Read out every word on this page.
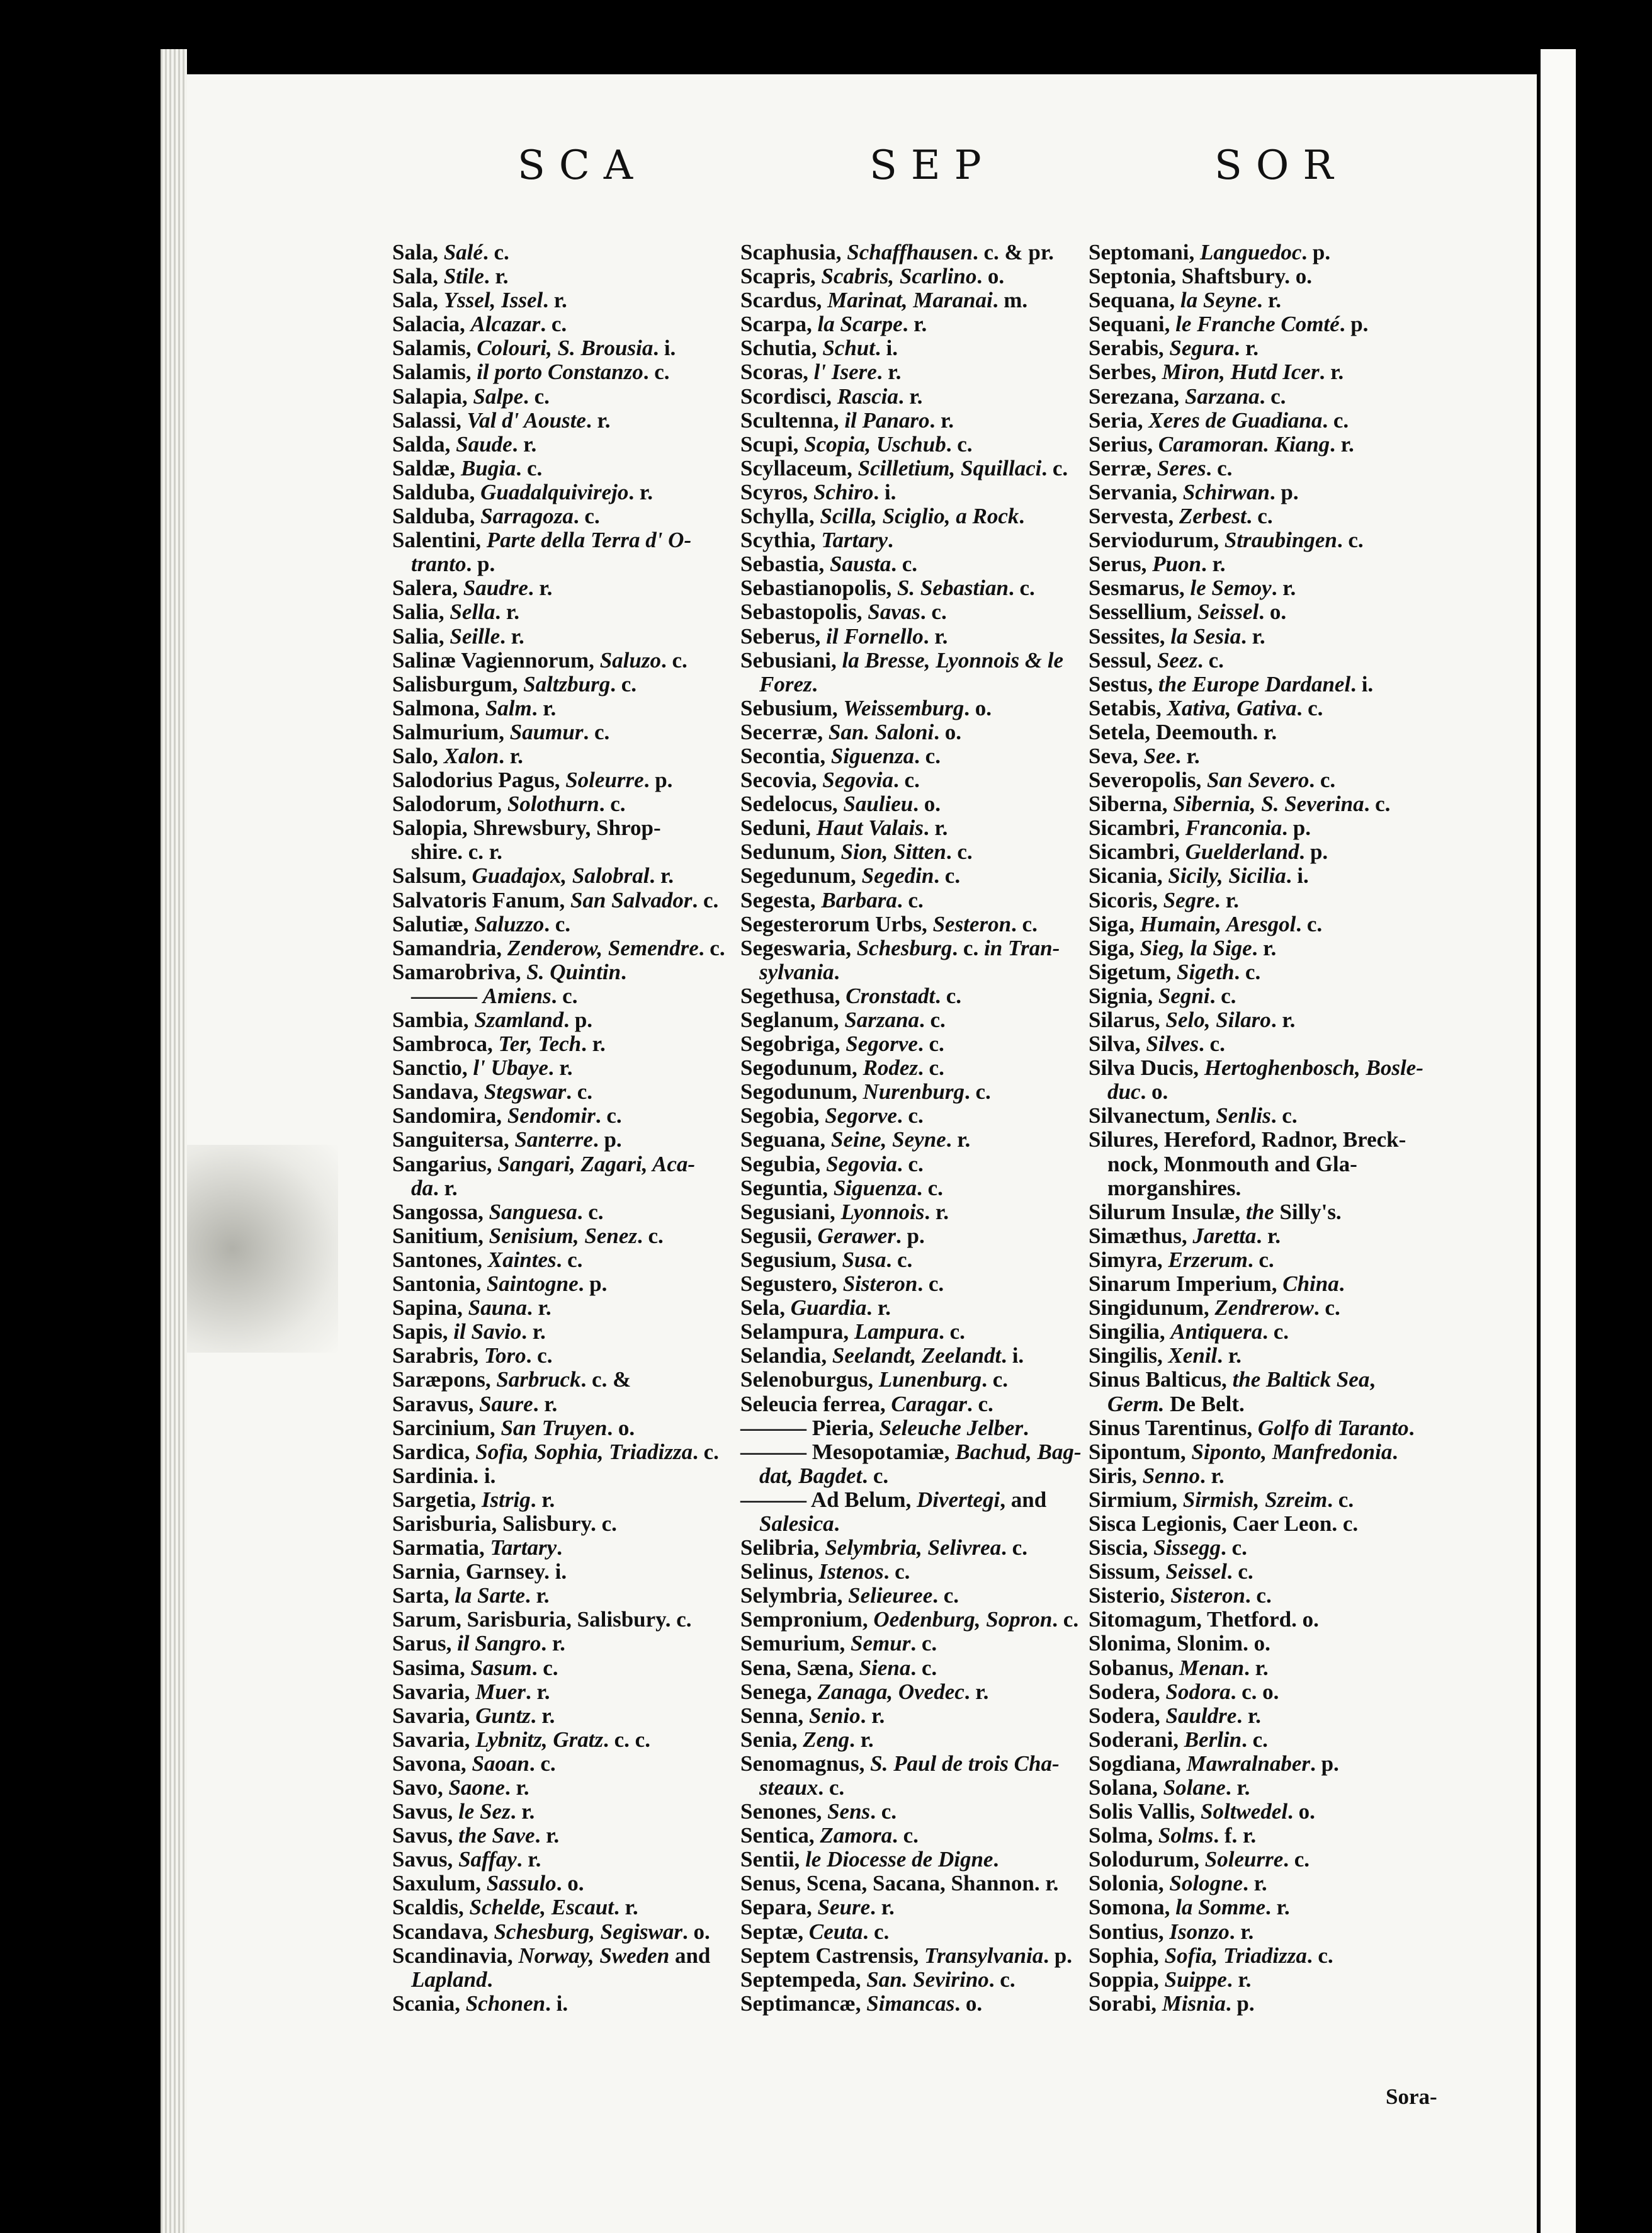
SCA	SEP	SOR
Sala, Salé. c.
Sala, Stile. r.
Sala, Yssel, Issel. r.
Salacia, Alcazar. c.
Salamis, Colouri, S. Brousia. i.
Salamis, il porto Constanzo. c.
Salapia, Salpe. c.
Salassi, Val d' Aouste. r.
Salda, Saude. r.
Saldæ, Bugia. c.
Salduba, Guadalquivirejo. r.
Salduba, Sarragoza. c.
Salentini, Parte della Terra d' O-
tranto. p.
Salera, Saudre. r.
Salia, Sella. r.
Salia, Seille. r.
Salinæ Vagiennorum, Saluzo. c.
Salisburgum, Saltzburg. c.
Salmona, Salm. r.
Salmurium, Saumur. c.
Salo, Xalon. r.
Salodorius Pagus, Soleurre. p.
Salodorum, Solothurn. c.
Salopia, Shrewsbury, Shrop-
shire. c. r.
Salsum, Guadajox, Salobral. r.
Salvatoris Fanum, San Salvador. c.
Salutiæ, Saluzzo. c.
Samandria, Zenderow, Semendre. c.
Samarobriva, S. Quintin.
——— Amiens. c.
Sambia, Szamland. p.
Sambroca, Ter, Tech. r.
Sanctio, l' Ubaye. r.
Sandava, Stegswar. c.
Sandomira, Sendomir. c.
Sanguitersa, Santerre. p.
Sangarius, Sangari, Zagari, Aca-
da. r.
Sangossa, Sanguesa. c.
Sanitium, Senisium, Senez. c.
Santones, Xaintes. c.
Santonia, Saintogne. p.
Sapina, Sauna. r.
Sapis, il Savio. r.
Sarabris, Toro. c.
Saræpons, Sarbruck. c. &
Saravus, Saure. r.
Sarcinium, San Truyen. o.
Sardica, Sofia, Sophia, Triadizza. c.
Sardinia. i.
Sargetia, Istrig. r.
Sarisburia, Salisbury. c.
Sarmatia, Tartary.
Sarnia, Garnsey. i.
Sarta, la Sarte. r.
Sarum, Sarisburia, Salisbury. c.
Sarus, il Sangro. r.
Sasima, Sasum. c.
Savaria, Muer. r.
Savaria, Guntz. r.
Savaria, Lybnitz, Gratz. c. c.
Savona, Saoan. c.
Savo, Saone. r.
Savus, le Sez. r.
Savus, the Save. r.
Savus, Saffay. r.
Saxulum, Sassulo. o.
Scaldis, Schelde, Escaut. r.
Scandava, Schesburg, Segiswar. o.
Scandinavia, Norway, Sweden and
Lapland.
Scania, Schonen. i.
Scaphusia, Schaffhausen. c. & pr.
Scapris, Scabris, Scarlino. o.
Scardus, Marinat, Maranai. m.
Scarpa, la Scarpe. r.
Schutia, Schut. i.
Scoras, l' Isere. r.
Scordisci, Rascia. r.
Scultenna, il Panaro. r.
Scupi, Scopia, Uschub. c.
Scyllaceum, Scilletium, Squillaci. c.
Scyros, Schiro. i.
Schylla, Scilla, Sciglio, a Rock.
Scythia, Tartary.
Sebastia, Sausta. c.
Sebastianopolis, S. Sebastian. c.
Sebastopolis, Savas. c.
Seberus, il Fornello. r.
Sebusiani, la Bresse, Lyonnois & le
Forez.
Sebusium, Weissemburg. o.
Secerræ, San. Saloni. o.
Secontia, Siguenza. c.
Secovia, Segovia. c.
Sedelocus, Saulieu. o.
Seduni, Haut Valais. r.
Sedunum, Sion, Sitten. c.
Segedunum, Segedin. c.
Segesta, Barbara. c.
Segesterorum Urbs, Sesteron. c.
Segeswaria, Schesburg. c. in Tran-
sylvania.
Segethusa, Cronstadt. c.
Seglanum, Sarzana. c.
Segobriga, Segorve. c.
Segodunum, Rodez. c.
Segodunum, Nurenburg. c.
Segobia, Segorve. c.
Seguana, Seine, Seyne. r.
Segubia, Segovia. c.
Seguntia, Siguenza. c.
Segusiani, Lyonnois. r.
Segusii, Gerawer. p.
Segusium, Susa. c.
Segustero, Sisteron. c.
Sela, Guardia. r.
Selampura, Lampura. c.
Selandia, Seelandt, Zeelandt. i.
Selenoburgus, Lunenburg. c.
Seleucia ferrea, Caragar. c.
——— Pieria, Seleuche Jelber.
——— Mesopotamiæ, Bachud, Bag-
dat, Bagdet. c.
——— Ad Belum, Divertegi, and
Salesica.
Selibria, Selymbria, Selivrea. c.
Selinus, Istenos. c.
Selymbria, Selieuree. c.
Sempronium, Oedenburg, Sopron. c.
Semurium, Semur. c.
Sena, Sæna, Siena. c.
Senega, Zanaga, Ovedec. r.
Senna, Senio. r.
Senia, Zeng. r.
Senomagnus, S. Paul de trois Cha-
steaux. c.
Senones, Sens. c.
Sentica, Zamora. c.
Sentii, le Diocesse de Digne.
Senus, Scena, Sacana, Shannon. r.
Separa, Seure. r.
Septæ, Ceuta. c.
Septem Castrensis, Transylvania. p.
Septempeda, San. Sevirino. c.
Septimancæ, Simancas. o.
Septomani, Languedoc. p.
Septonia, Shaftsbury. o.
Sequana, la Seyne. r.
Sequani, le Franche Comté. p.
Serabis, Segura. r.
Serbes, Miron, Hutd Icer. r.
Serezana, Sarzana. c.
Seria, Xeres de Guadiana. c.
Serius, Caramoran. Kiang. r.
Serræ, Seres. c.
Servania, Schirwan. p.
Servesta, Zerbest. c.
Serviodurum, Straubingen. c.
Serus, Puon. r.
Sesmarus, le Semoy. r.
Sessellium, Seissel. o.
Sessites, la Sesia. r.
Sessul, Seez. c.
Sestus, the Europe Dardanel. i.
Setabis, Xativa, Gativa. c.
Setela, Deemouth. r.
Seva, See. r.
Severopolis, San Severo. c.
Siberna, Sibernia, S. Severina. c.
Sicambri, Franconia. p.
Sicambri, Guelderland. p.
Sicania, Sicily, Sicilia. i.
Sicoris, Segre. r.
Siga, Humain, Aresgol. c.
Siga, Sieg, la Sige. r.
Sigetum, Sigeth. c.
Signia, Segni. c.
Silarus, Selo, Silaro. r.
Silva, Silves. c.
Silva Ducis, Hertoghenbosch, Bosle-
duc. o.
Silvanectum, Senlis. c.
Silures, Hereford, Radnor, Breck-
nock, Monmouth and Gla-
morganshires.
Silurum Insulæ, the Silly's.
Simæthus, Jaretta. r.
Simyra, Erzerum. c.
Sinarum Imperium, China.
Singidunum, Zendrerow. c.
Singilia, Antiquera. c.
Singilis, Xenil. r.
Sinus Balticus, the Baltick Sea,
Germ. De Belt.
Sinus Tarentinus, Golfo di Taranto.
Sipontum, Siponto, Manfredonia.
Siris, Senno. r.
Sirmium, Sirmish, Szreim. c.
Sisca Legionis, Caer Leon. c.
Siscia, Sissegg. c.
Sissum, Seissel. c.
Sisterio, Sisteron. c.
Sitomagum, Thetford. o.
Slonima, Slonim. o.
Sobanus, Menan. r.
Sodera, Sodora. c. o.
Sodera, Sauldre. r.
Soderani, Berlin. c.
Sogdiana, Mawralnaber. p.
Solana, Solane. r.
Solis Vallis, Soltwedel. o.
Solma, Solms. f. r.
Solodurum, Soleurre. c.
Solonia, Sologne. r.
Somona, la Somme. r.
Sontius, Isonzo. r.
Sophia, Sofia, Triadizza. c.
Soppia, Suippe. r.
Sorabi, Misnia. p.
Sora-
